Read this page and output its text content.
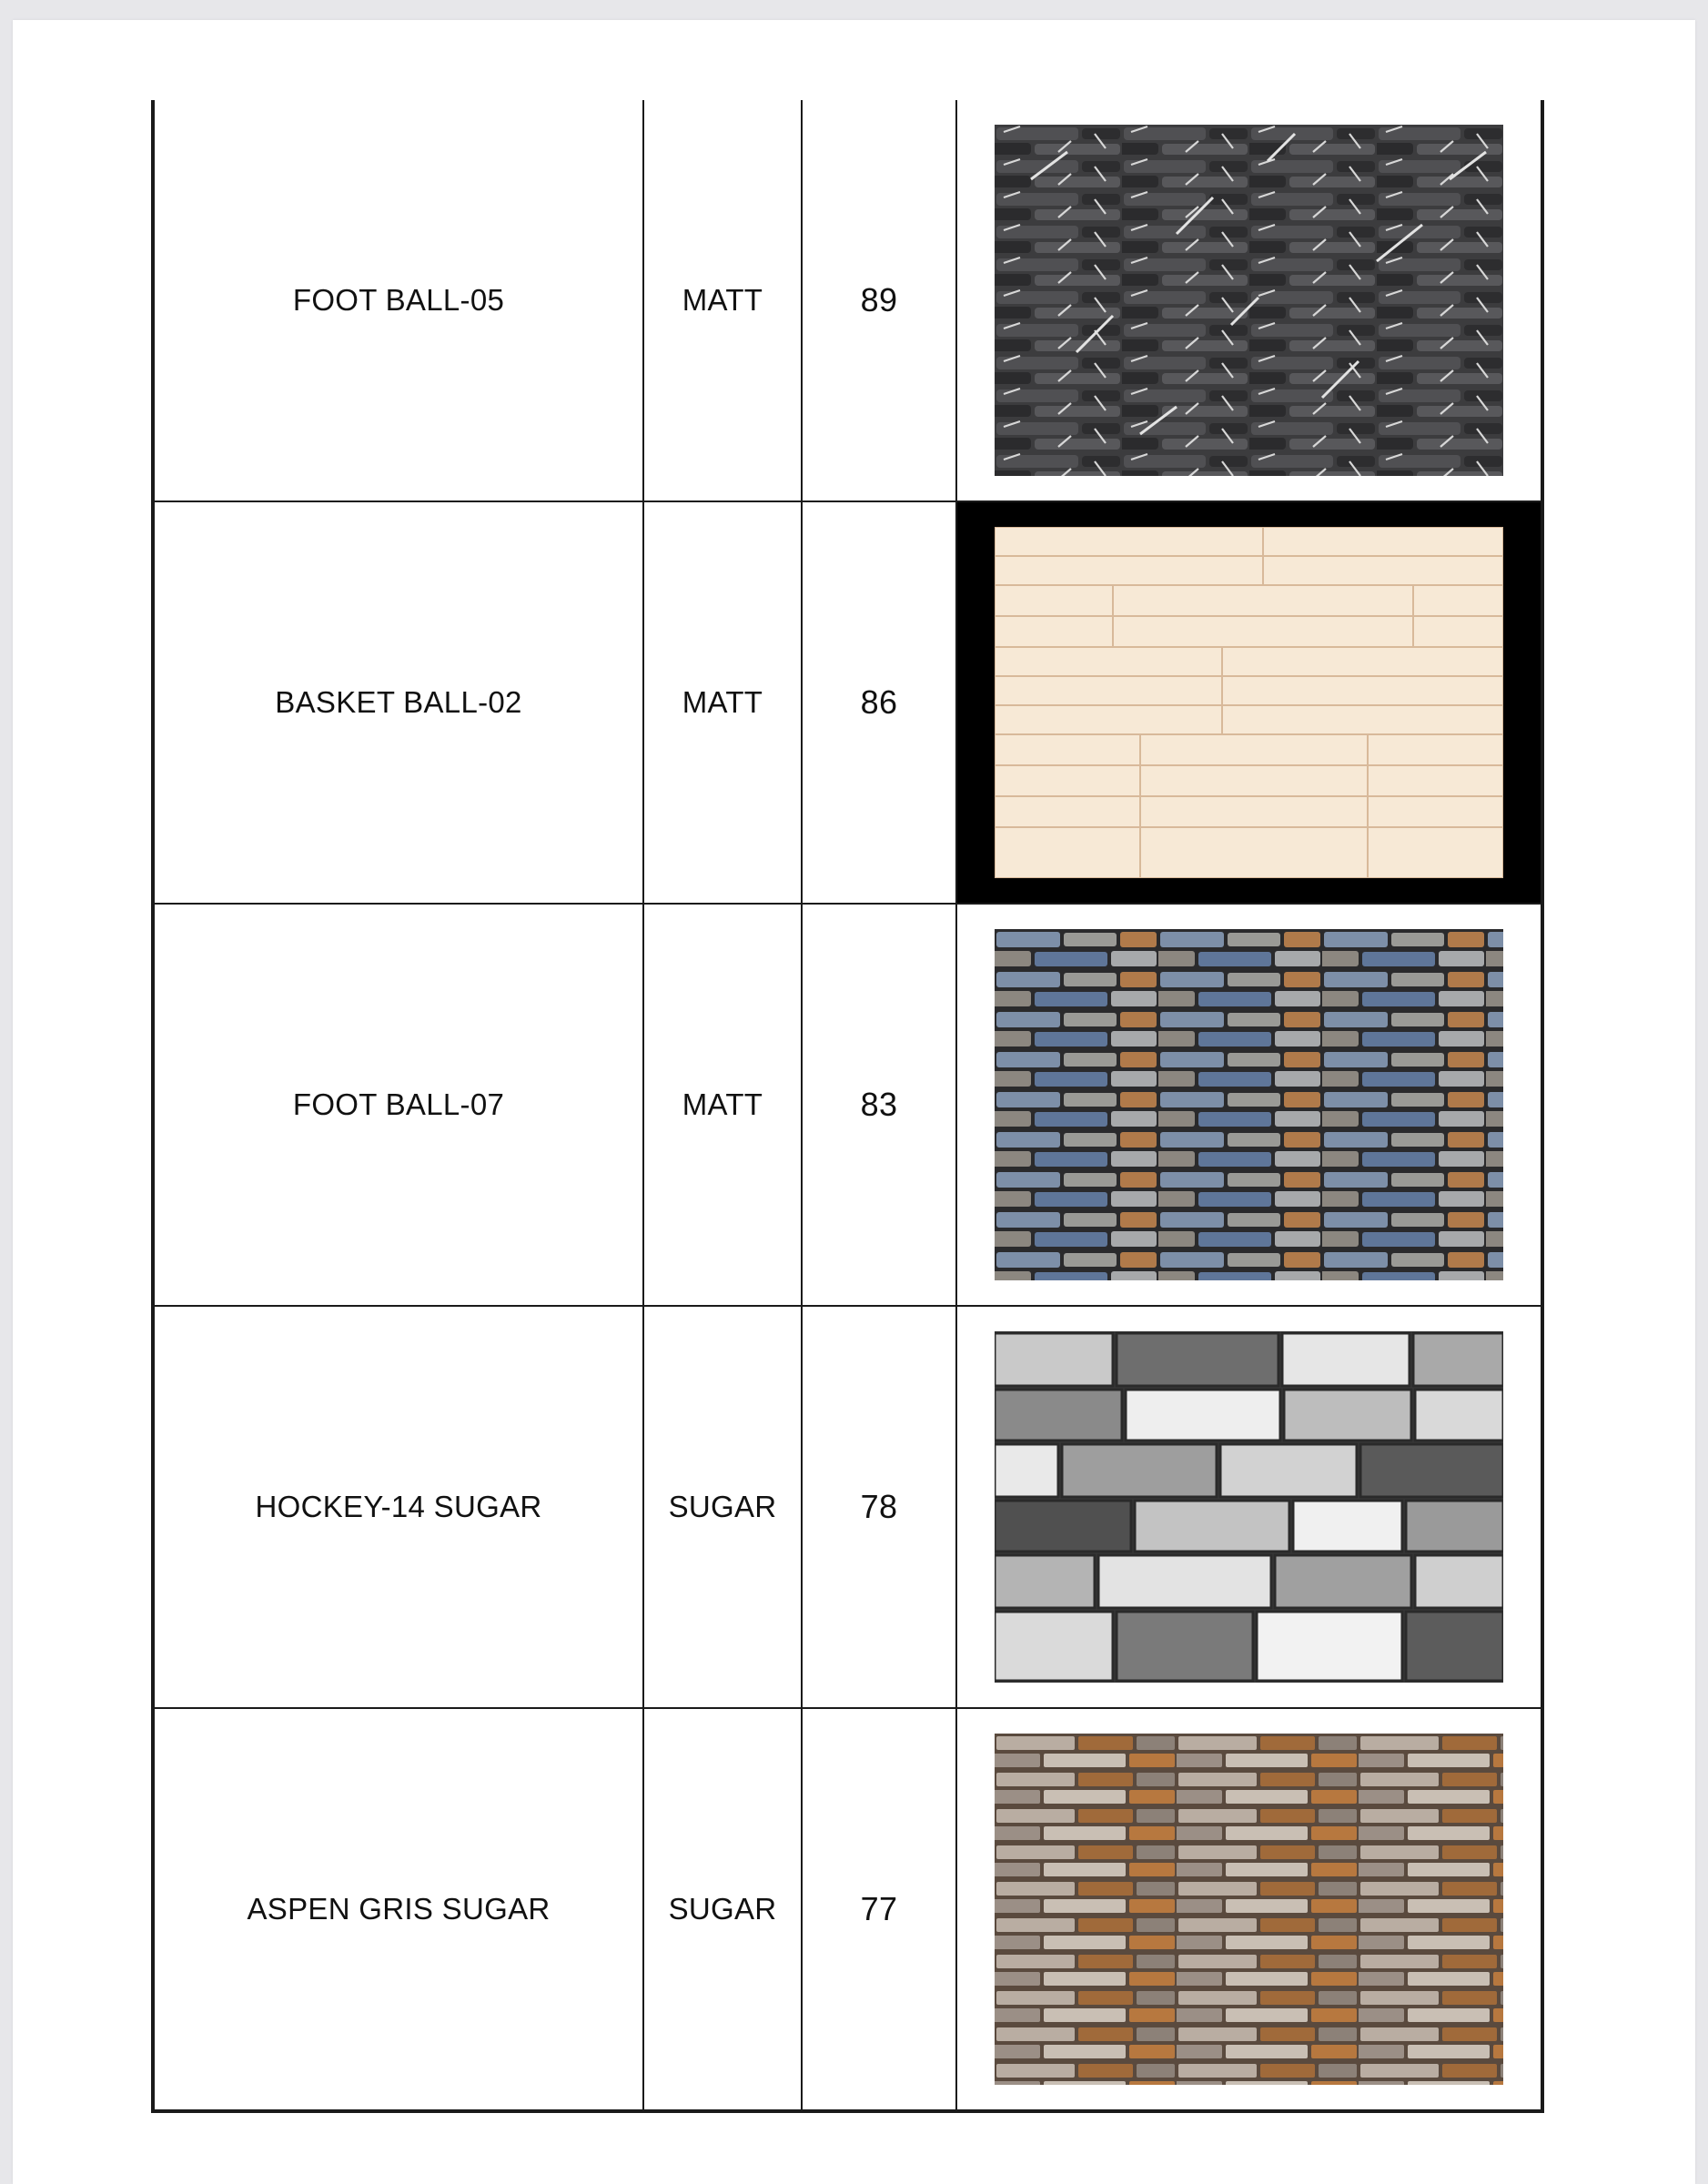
FOOT BALL-05	MATT	89	

BASKET BALL-02	MATT	86	

FOOT BALL-07	MATT	83	

HOCKEY-14 SUGAR	SUGAR	78	

ASPEN GRIS SUGAR	SUGAR	77	
